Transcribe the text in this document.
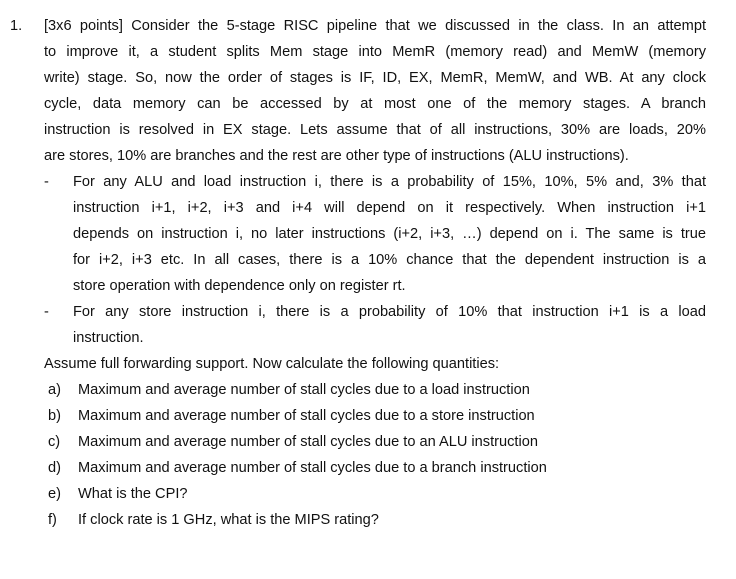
1. [3x6 points] Consider the 5-stage RISC pipeline that we discussed in the class. In an attempt
to improve it, a student splits Mem stage into MemR (memory read) and MemW (memory
write) stage. So, now the order of stages is IF, ID, EX, MemR, MemW, and WB. At any clock
cycle, data memory can be accessed by at most one of the memory stages. A branch
instruction is resolved in EX stage. Lets assume that of all instructions, 30% are loads, 20%
are stores, 10% are branches and the rest are other type of instructions (ALU instructions).
- For any ALU and load instruction i, there is a probability of 15%, 10%, 5% and, 3% that
instruction i+1, i+2, i+3 and i+4 will depend on it respectively. When instruction i+1
depends on instruction i, no later instructions (i+2, i+3, …) depend on i. The same is true
for i+2, i+3 etc. In all cases, there is a 10% chance that the dependent instruction is a
store operation with dependence only on register rt.
- For any store instruction i, there is a probability of 10% that instruction i+1 is a load
instruction.
Assume full forwarding support. Now calculate the following quantities:
a) Maximum and average number of stall cycles due to a load instruction
b) Maximum and average number of stall cycles due to a store instruction
c) Maximum and average number of stall cycles due to an ALU instruction
d) Maximum and average number of stall cycles due to a branch instruction
e) What is the CPI?
f) If clock rate is 1 GHz, what is the MIPS rating?
